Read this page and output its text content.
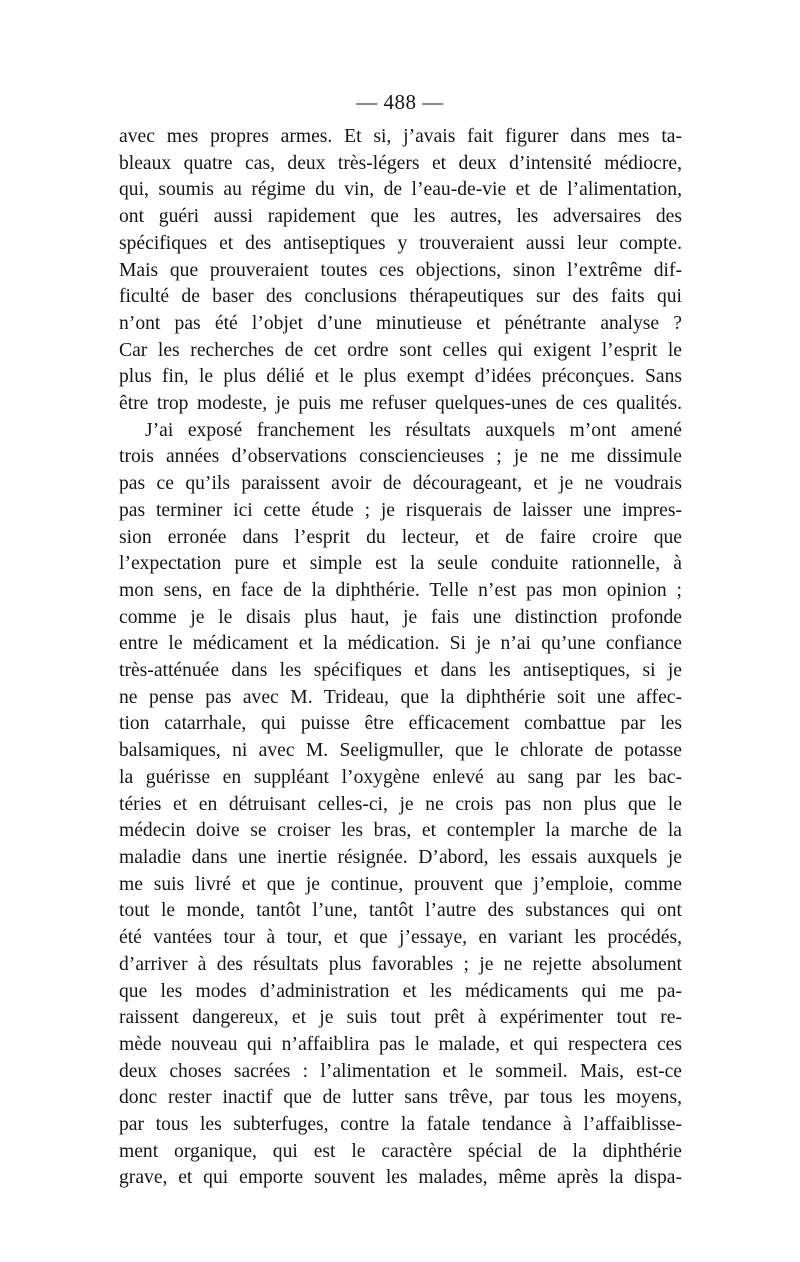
— 488 —
avec mes propres armes. Et si, j’avais fait figurer dans mes ta-
bleaux quatre cas, deux très-légers et deux d’intensité médiocre,
qui, soumis au régime du vin, de l’eau-de-vie et de l’alimentation,
ont guéri aussi rapidement que les autres, les adversaires des
spécifiques et des antiseptiques y trouveraient aussi leur compte.
Mais que prouveraient toutes ces objections, sinon l’extrême dif-
ficulté de baser des conclusions thérapeutiques sur des faits qui
n’ont pas été l’objet d’une minutieuse et pénétrante analyse ?
Car les recherches de cet ordre sont celles qui exigent l’esprit le
plus fin, le plus délié et le plus exempt d’idées préconçues. Sans
être trop modeste, je puis me refuser quelques-unes de ces qualités.
J’ai exposé franchement les résultats auxquels m’ont amené
trois années d’observations consciencieuses ; je ne me dissimule
pas ce qu’ils paraissent avoir de décourageant, et je ne voudrais
pas terminer ici cette étude ; je risquerais de laisser une impres-
sion erronée dans l’esprit du lecteur, et de faire croire que
l’expectation pure et simple est la seule conduite rationnelle, à
mon sens, en face de la diphthérie. Telle n’est pas mon opinion ;
comme je le disais plus haut, je fais une distinction profonde
entre le médicament et la médication. Si je n’ai qu’une confiance
très-atténuée dans les spécifiques et dans les antiseptiques, si je
ne pense pas avec M. Trideau, que la diphthérie soit une affec-
tion catarrhale, qui puisse être efficacement combattue par les
balsamiques, ni avec M. Seeligmuller, que le chlorate de potasse
la guérisse en suppléant l’oxygène enlevé au sang par les bac-
téries et en détruisant celles-ci, je ne crois pas non plus que le
médecin doive se croiser les bras, et contempler la marche de la
maladie dans une inertie résignée. D’abord, les essais auxquels je
me suis livré et que je continue, prouvent que j’emploie, comme
tout le monde, tantôt l’une, tantôt l’autre des substances qui ont
été vantées tour à tour, et que j’essaye, en variant les procédés,
d’arriver à des résultats plus favorables ; je ne rejette absolument
que les modes d’administration et les médicaments qui me pa-
raissent dangereux, et je suis tout prêt à expérimenter tout re-
mède nouveau qui n’affaiblira pas le malade, et qui respectera ces
deux choses sacrées : l’alimentation et le sommeil. Mais, est-ce
donc rester inactif que de lutter sans trêve, par tous les moyens,
par tous les subterfuges, contre la fatale tendance à l’affaiblisse-
ment organique, qui est le caractère spécial de la diphthérie
grave, et qui emporte souvent les malades, même après la dispa-
